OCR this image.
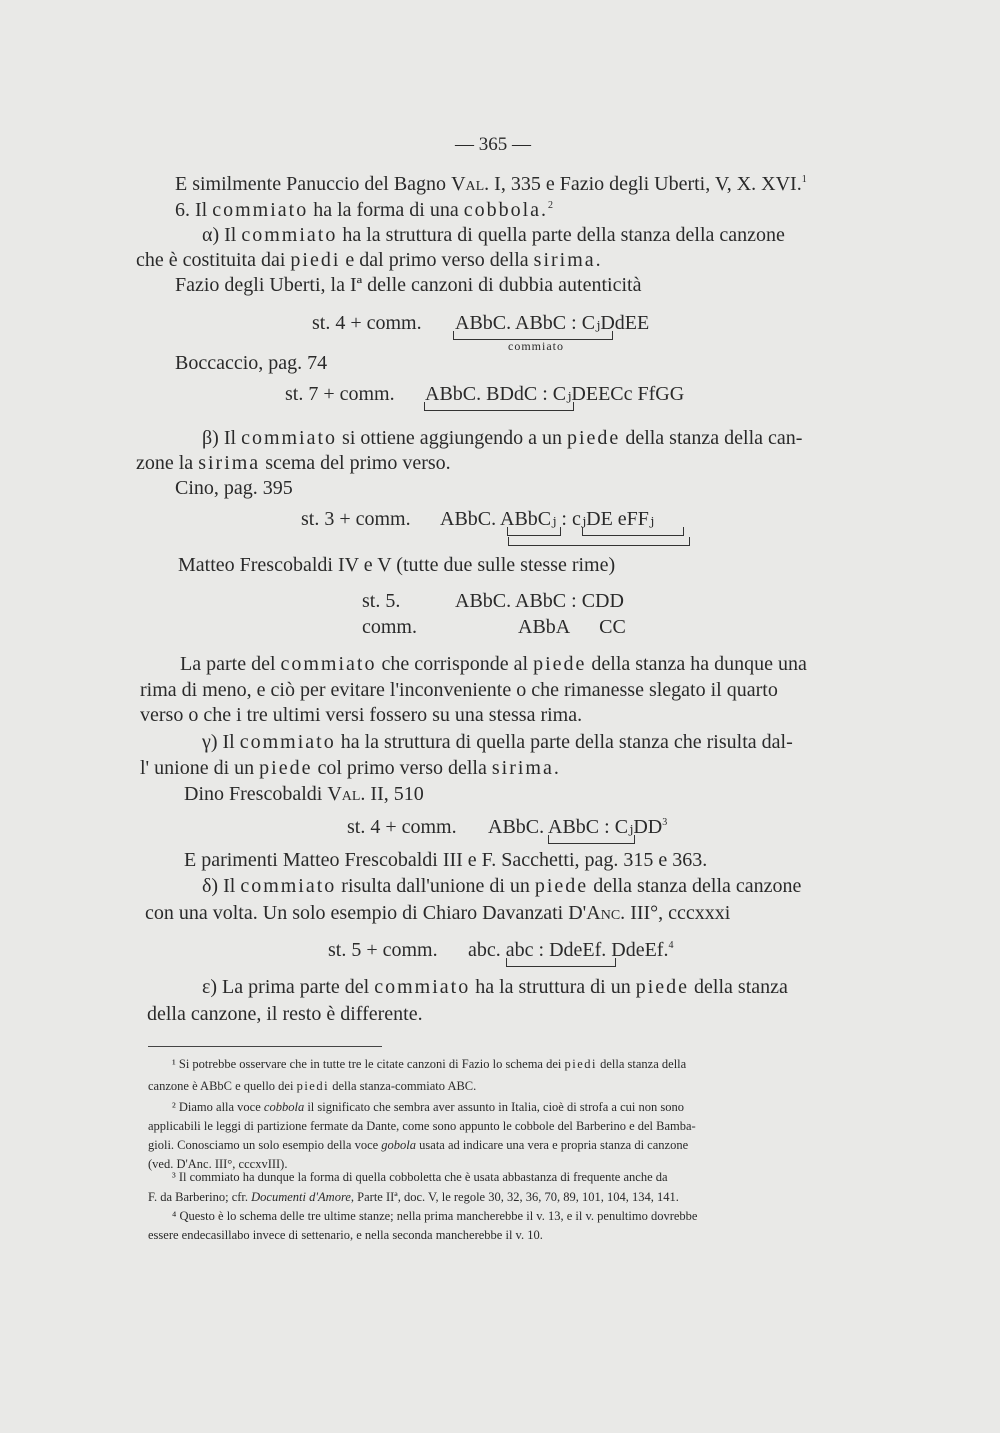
— 365 —
E similmente Panuccio del Bagno Val. I, 335 e Fazio degli Uberti, V, X. XVI.$^1$
6. Il commiato ha la forma di una cobbola.$^2$
α) Il commiato ha la struttura di quella parte della stanza della canzone
che è costituita dai piedi e dal primo verso della sirima.
Fazio degli Uberti, la Iª delle canzoni di dubbia autenticità
st. 4 + comm. ABbC. ABbC : CⱼDdEE
commiato
Boccaccio, pag. 74
st. 7 + comm. ABbC. BDdC : CⱼDEECc FfGG
β) Il commiato si ottiene aggiungendo a un piede della stanza della can-
zone la sirima scema del primo verso.
Cino, pag. 395
st. 3 + comm. ABbC. ABbCⱼ : cⱼDE eFFⱼ
Matteo Frescobaldi IV e V (tutte due sulle stesse rime)
st. 5.	ABbC. ABbC : CDD
comm.	ABbA      CC
La parte del commiato che corrisponde al piede della stanza ha dunque una
rima di meno, e ciò per evitare l'inconveniente o che rimanesse slegato il quarto
verso o che i tre ultimi versi fossero su una stessa rima.
γ) Il commiato ha la struttura di quella parte della stanza che risulta dal-
l' unione di un piede col primo verso della sirima.
Dino Frescobaldi Val. II, 510
st. 4 + comm. ABbC. ABbC : CⱼDD$^3$
E parimenti Matteo Frescobaldi III e F. Sacchetti, pag. 315 e 363.
δ) Il commiato risulta dall'unione di un piede della stanza della canzone
con una volta. Un solo esempio di Chiaro Davanzati D'Anc. III°, cccxxxi
st. 5 + comm. abc. abc : DdeEf. DdeEf.$^4$
ε) La prima parte del commiato ha la struttura di un piede della stanza
della canzone, il resto è differente.
¹ Si potrebbe osservare che in tutte tre le citate canzoni di Fazio lo schema dei piedi della stanza della
canzone è ABbC e quello dei piedi della stanza-commiato ABC.
² Diamo alla voce cobbola il significato che sembra aver assunto in Italia, cioè di strofa a cui non sono
applicabili le leggi di partizione fermate da Dante, come sono appunto le cobbole del Barberino e del Bamba-
gioli. Conosciamo un solo esempio della voce gobola usata ad indicare una vera e propria stanza di canzone
(ved. D'Anc. III°, cccxvIII).
³ Il commiato ha dunque la forma di quella cobboletta che è usata abbastanza di frequente anche da
F. da Barberino; cfr. Documenti d'Amore, Parte IIª, doc. V, le regole 30, 32, 36, 70, 89, 101, 104, 134, 141.
⁴ Questo è lo schema delle tre ultime stanze; nella prima mancherebbe il v. 13, e il v. penultimo dovrebbe
essere endecasillabo invece di settenario, e nella seconda mancherebbe il v. 10.
